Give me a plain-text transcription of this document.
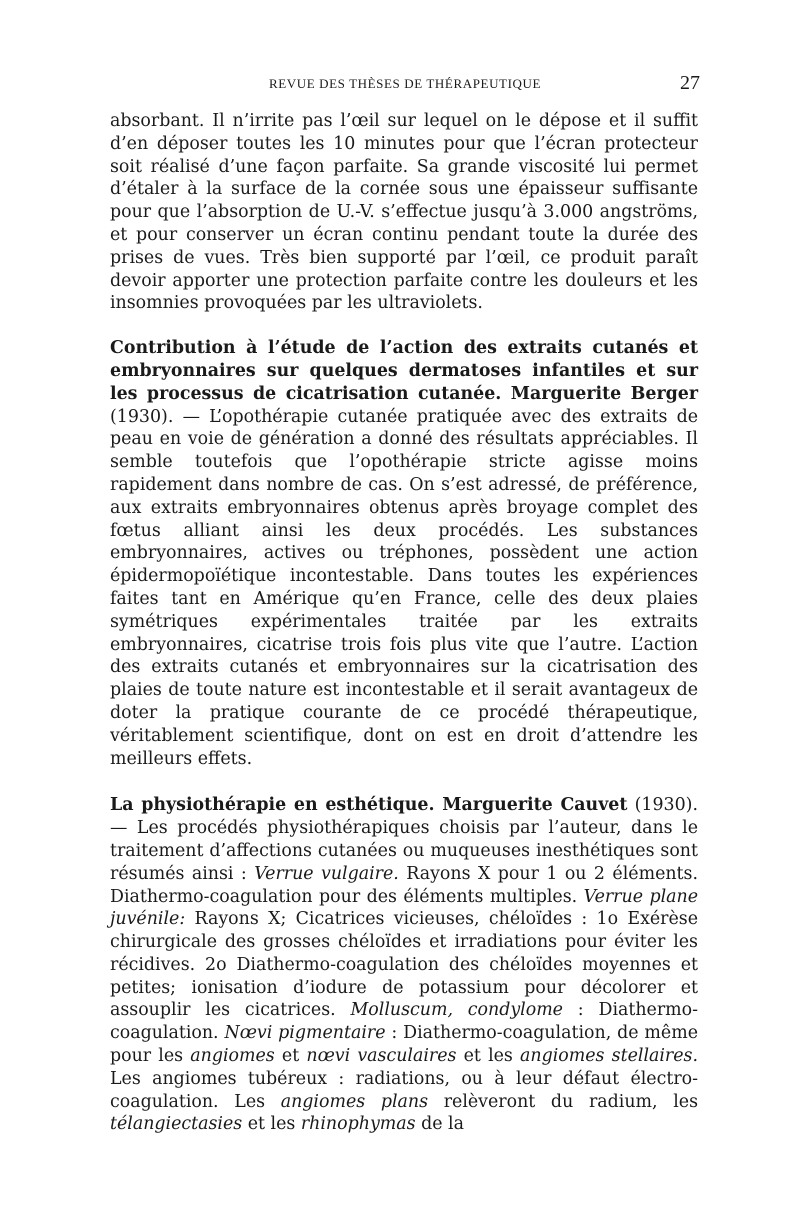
REVUE DES THÈSES DE THÉRAPEUTIQUE	27

absorbant. Il n’irrite pas l’œil sur lequel on le dépose et il suffit d’en déposer toutes les 10 minutes pour que l’écran protecteur soit réalisé d’une façon parfaite. Sa grande viscosité lui permet d’étaler à la surface de la cornée sous une épaisseur suffisante pour que l’absorption de U.-V. s’effectue jusqu’à 3.000 angströms, et pour conserver un écran continu pendant toute la durée des prises de vues. Très bien supporté par l’œil, ce produit paraît devoir apporter une protection parfaite contre les douleurs et les insomnies provoquées par les ultraviolets.

Contribution à l’étude de l’action des extraits cutanés et embryonnaires sur quelques dermatoses infantiles et sur les processus de cicatrisation cutanée. Marguerite Berger (1930). — L’opothérapie cutanée pratiquée avec des extraits de peau en voie de génération a donné des résultats appréciables. Il semble toutefois que l’opothérapie stricte agisse moins rapidement dans nombre de cas. On s’est adressé, de préférence, aux extraits embryonnaires obtenus après broyage complet des fœtus alliant ainsi les deux procédés. Les substances embryonnaires, actives ou tréphones, possèdent une action épidermopoïétique incontestable. Dans toutes les expériences faites tant en Amérique qu’en France, celle des deux plaies symétriques expérimentales traitée par les extraits embryonnaires, cicatrise trois fois plus vite que l’autre. L’action des extraits cutanés et embryonnaires sur la cicatrisation des plaies de toute nature est incontestable et il serait avantageux de doter la pratique courante de ce procédé thérapeutique, véritablement scientifique, dont on est en droit d’attendre les meilleurs effets.

La physiothérapie en esthétique. Marguerite Cauvet (1930). — Les procédés physiothérapiques choisis par l’auteur, dans le traitement d’affections cutanées ou muqueuses inesthétiques sont résumés ainsi : Verrue vulgaire. Rayons X pour 1 ou 2 éléments. Diathermo-coagulation pour des éléments multiples. Verrue plane juvénile: Rayons X; Cicatrices vicieuses, chéloïdes : 1o Exérèse chirurgicale des grosses chéloïdes et irradiations pour éviter les récidives. 2o Diathermo-coagulation des chéloïdes moyennes et petites; ionisation d’iodure de potassium pour décolorer et assouplir les cicatrices. Molluscum, condylome : Diathermo-coagulation. Nœvi pigmentaire : Diathermo-coagulation, de même pour les angiomes et nœvi vasculaires et les angiomes stellaires. Les angiomes tubéreux : radiations, ou à leur défaut électro-coagulation. Les angiomes plans relèveront du radium, les télangiectasies et les rhinophymas de la
